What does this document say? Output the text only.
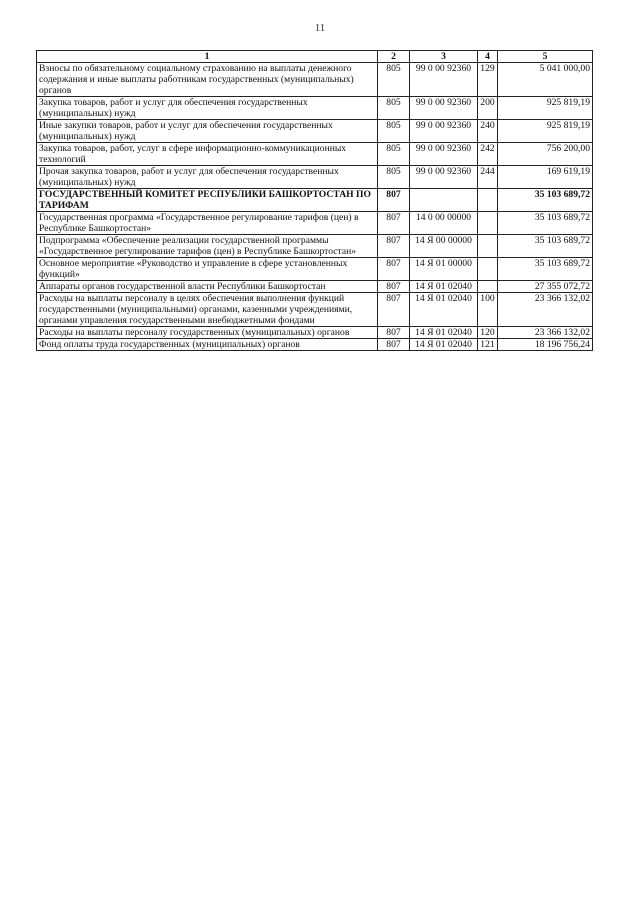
11
1	2	3	4	5
Взносы по обязательному социальному страхованию на выплаты денежного содержания и иные выплаты работникам государственных (муниципальных) органов	805	99 0 00 92360	129	5 041 000,00
Закупка товаров, работ и услуг для обеспечения государственных (муниципальных) нужд	805	99 0 00 92360	200	925 819,19
Иные закупки товаров, работ и услуг для обеспечения государственных (муниципальных) нужд	805	99 0 00 92360	240	925 819,19
Закупка товаров, работ, услуг в сфере информационно-коммуникационных технологий	805	99 0 00 92360	242	756 200,00
Прочая закупка товаров, работ и услуг для обеспечения государственных (муниципальных) нужд	805	99 0 00 92360	244	169 619,19
ГОСУДАРСТВЕННЫЙ КОМИТЕТ РЕСПУБЛИКИ БАШКОРТОСТАН ПО ТАРИФАМ	807			35 103 689,72
Государственная программа «Государственное регулирование тарифов (цен) в Республике Башкортостан»	807	14 0 00 00000		35 103 689,72
Подпрограмма «Обеспечение реализации государственной программы «Государственное регулирование тарифов (цен) в Республике Башкортостан»	807	14 Я 00 00000		35 103 689,72
Основное мероприятие «Руководство и управление в сфере установленных функций»	807	14 Я 01 00000		35 103 689,72
Аппараты органов государственной власти Республики Башкортостан	807	14 Я 01 02040		27 355 072,72
Расходы на выплаты персоналу в целях обеспечения выполнения функций государственными (муниципальными) органами, казенными учреждениями, органами управления государственными внебюджетными фондами	807	14 Я 01 02040	100	23 366 132,02
Расходы на выплаты персоналу государственных (муниципальных) органов	807	14 Я 01 02040	120	23 366 132,02
Фонд оплаты труда государственных (муниципальных) органов	807	14 Я 01 02040	121	18 196 756,24
